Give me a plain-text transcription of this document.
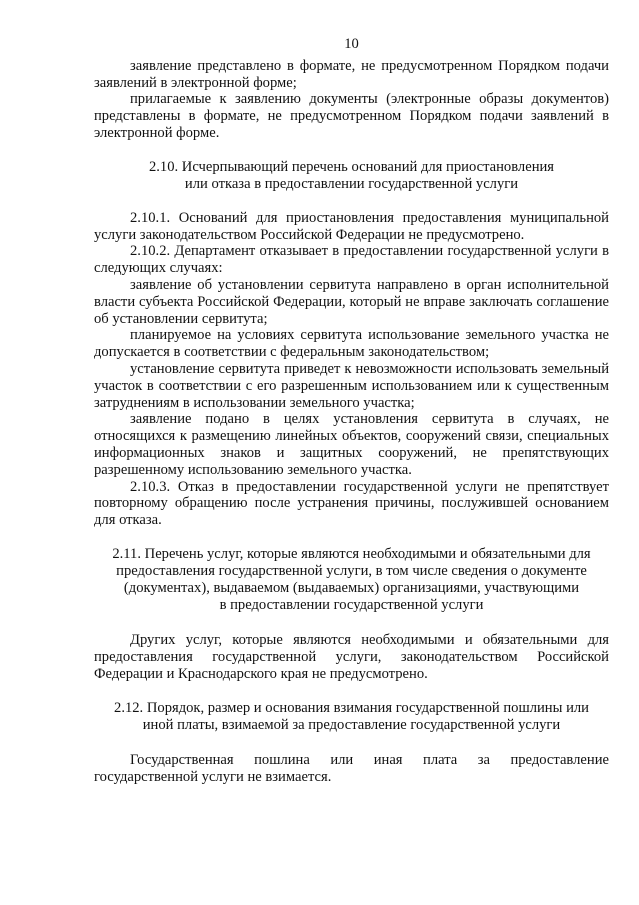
10

заявление представлено в формате, не предусмотренном Порядком подачи заявлений в электронной форме;

прилагаемые к заявлению документы (электронные образы документов) представлены в формате, не предусмотренном Порядком подачи заявлений в электронной форме.

2.10. Исчерпывающий перечень оснований для приостановления

или отказа в предоставлении государственной услуги

2.10.1. Оснований для приостановления предоставления муниципальной услуги законодательством Российской Федерации не предусмотрено.

2.10.2. Департамент отказывает в предоставлении государственной услуги в следующих случаях:

заявление об установлении сервитута направлено в орган исполнительной власти субъекта Российской Федерации, который не вправе заключать соглашение об установлении сервитута;

планируемое на условиях сервитута использование земельного участка не допускается в соответствии с федеральным законодательством;

установление сервитута приведет к невозможности использовать земельный участок в соответствии с его разрешенным использованием или к существенным затруднениям в использовании земельного участка;

заявление подано в целях установления сервитута в случаях, не относящихся к размещению линейных объектов, сооружений связи, специальных информационных знаков и защитных сооружений, не препятствующих разрешенному использованию земельного участка.

2.10.3. Отказ в предоставлении государственной услуги не препятствует повторному обращению после устранения причины, послужившей основанием для отказа.

2.11. Перечень услуг, которые являются необходимыми и обязательными для

предоставления государственной услуги, в том числе сведения о документе

(документах), выдаваемом (выдаваемых) организациями, участвующими

в предоставлении государственной услуги

Других услуг, которые являются необходимыми и обязательными для предоставления государственной услуги, законодательством Российской Федерации и Краснодарского края не предусмотрено.

2.12. Порядок, размер и основания взимания государственной пошлины или

иной платы, взимаемой за предоставление государственной услуги

Государственная пошлина или иная плата за предоставление государственной услуги не взимается.
